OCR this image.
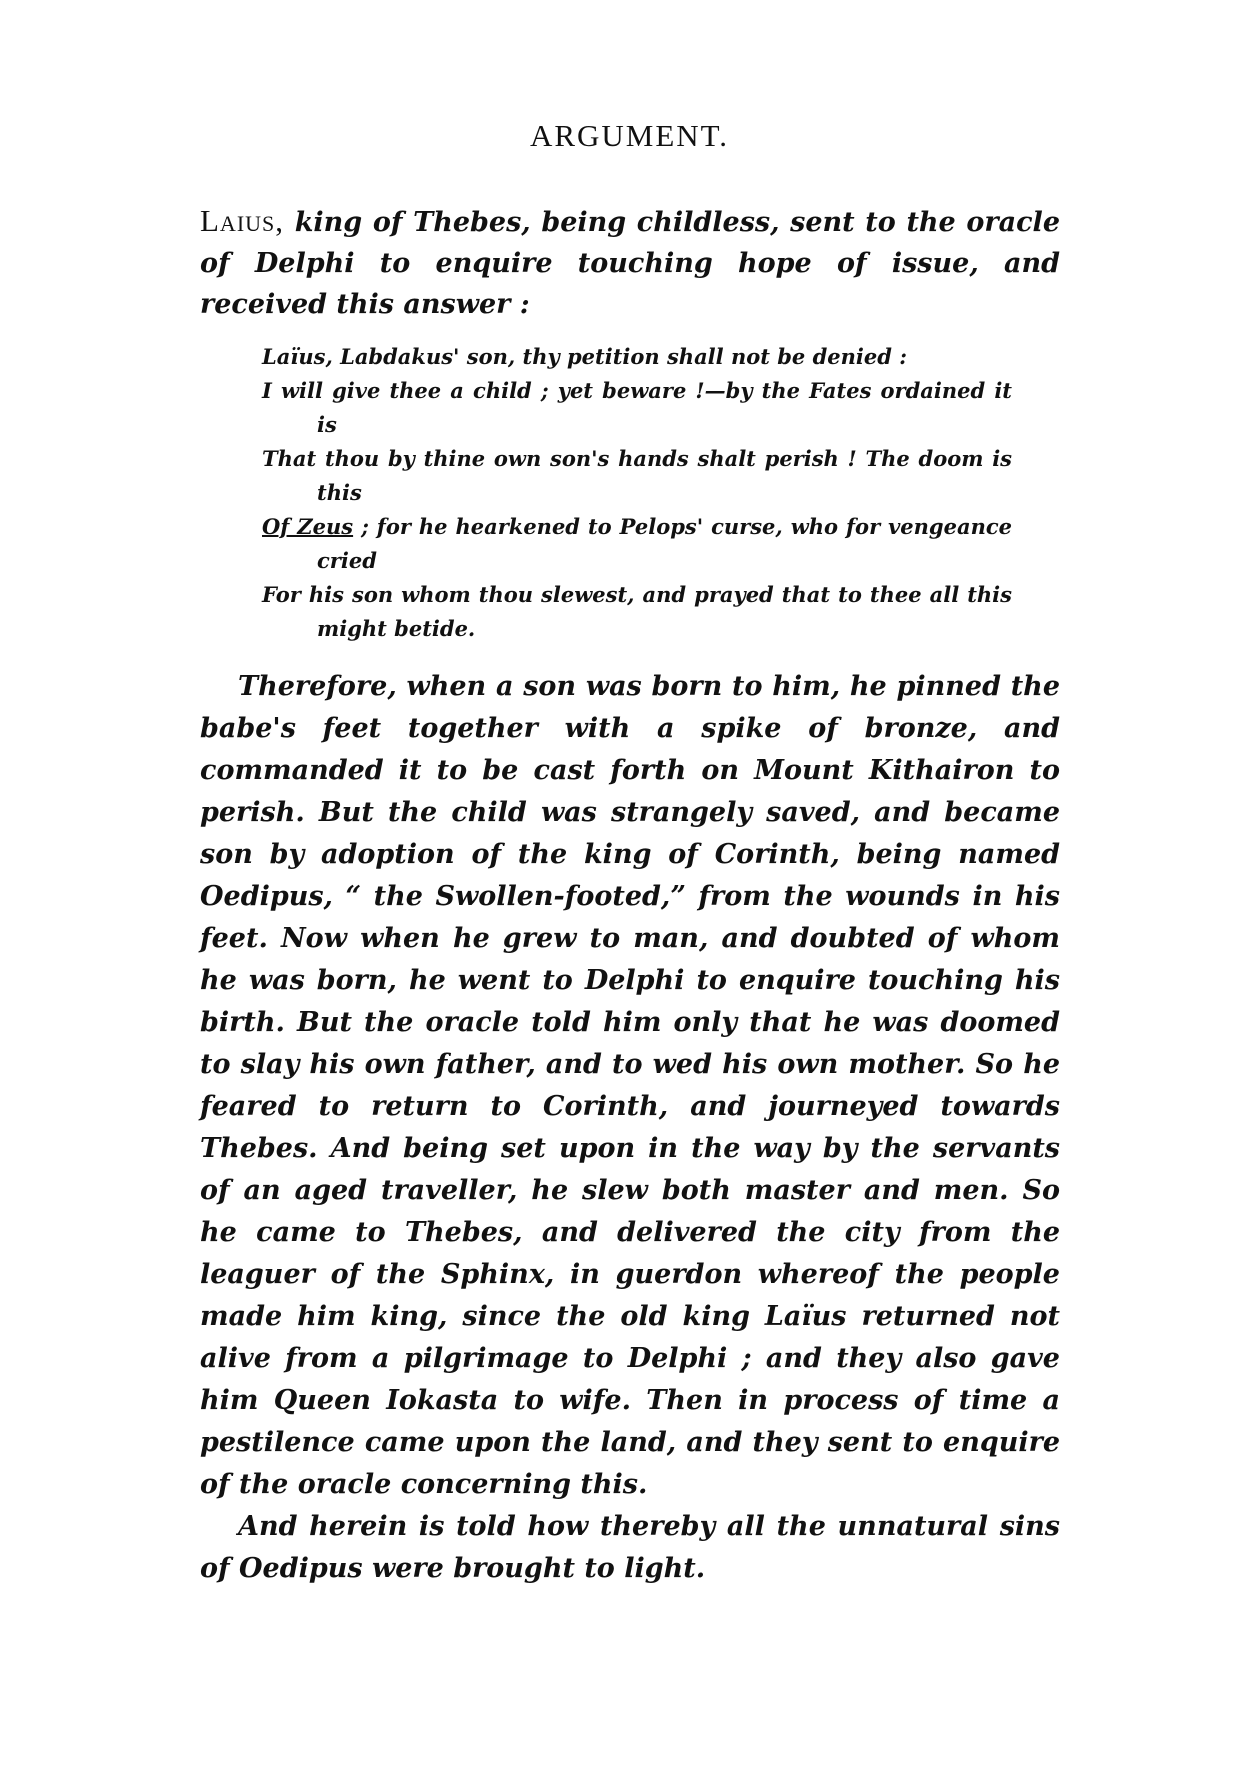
ARGUMENT.
Laius, king of Thebes, being childless, sent to the oracle of Delphi to enquire touching hope of issue, and received this answer :

Laïus, Labdakus' son, thy petition shall not be denied :

I will give thee a child ; yet beware !—by the Fates ordained it is

That thou by thine own son's hands shalt perish ! The doom is this

Of Zeus ; for he hearkened to Pelops' curse, who for vengeance cried

For his son whom thou slewest, and prayed that to thee all this might betide.

Therefore, when a son was born to him, he pinned the babe's feet together with a spike of bronze, and commanded it to be cast forth on Mount Kithairon to perish. But the child was strangely saved, and became son by adoption of the king of Corinth, being named Oedipus, “ the Swollen-footed,” from the wounds in his feet. Now when he grew to man, and doubted of whom he was born, he went to Delphi to enquire touching his birth. But the oracle told him only that he was doomed to slay his own father, and to wed his own mother. So he feared to return to Corinth, and journeyed towards Thebes. And being set upon in the way by the servants of an aged traveller, he slew both master and men. So he came to Thebes, and delivered the city from the leaguer of the Sphinx, in guerdon whereof the people made him king, since the old king Laïus returned not alive from a pilgrimage to Delphi ; and they also gave him Queen Iokasta to wife. Then in process of time a pestilence came upon the land, and they sent to enquire of the oracle concerning this.

And herein is told how thereby all the unnatural sins of Oedipus were brought to light.
